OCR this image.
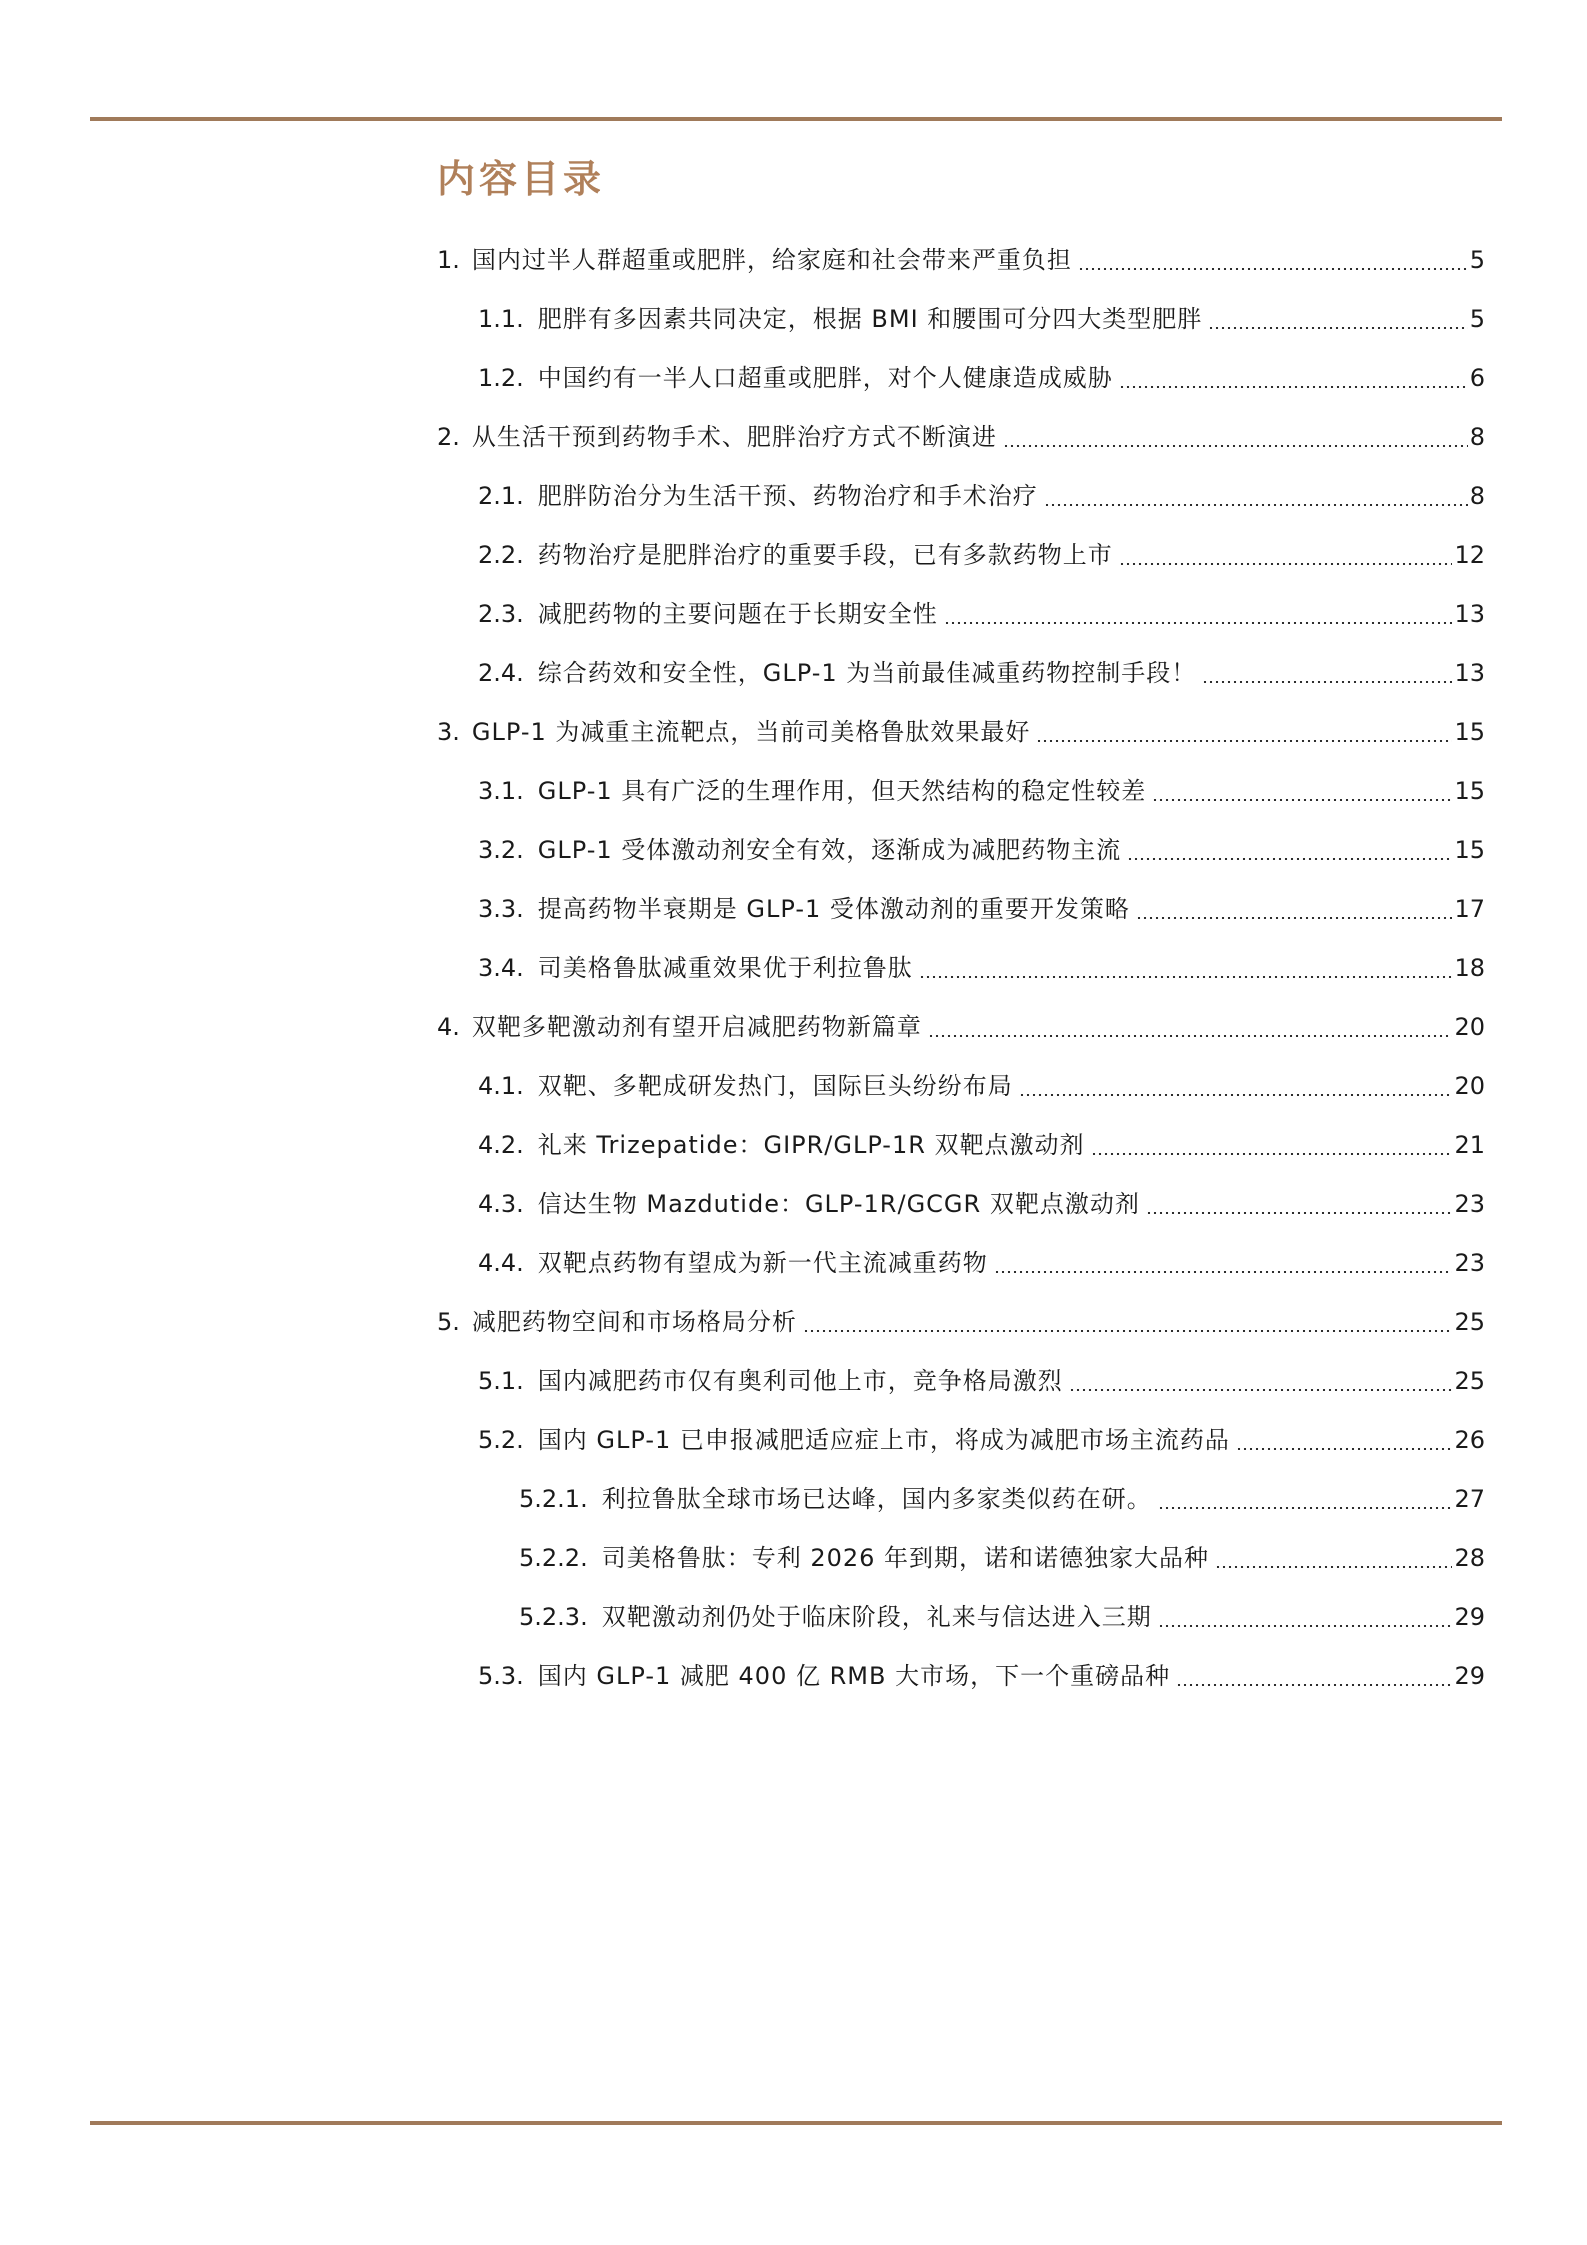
内容目录
1. 国内过半人群超重或肥胖，给家庭和社会带来严重负担	5
1.1. 肥胖有多因素共同决定，根据 BMI 和腰围可分四大类型肥胖	5
1.2. 中国约有一半人口超重或肥胖，对个人健康造成威胁	6
2. 从生活干预到药物手术、肥胖治疗方式不断演进	8
2.1. 肥胖防治分为生活干预、药物治疗和手术治疗	8
2.2. 药物治疗是肥胖治疗的重要手段，已有多款药物上市	12
2.3. 减肥药物的主要问题在于长期安全性	13
2.4. 综合药效和安全性，GLP-1 为当前最佳减重药物控制手段！	13
3. GLP-1 为减重主流靶点，当前司美格鲁肽效果最好	15
3.1. GLP-1 具有广泛的生理作用，但天然结构的稳定性较差	15
3.2. GLP-1 受体激动剂安全有效，逐渐成为减肥药物主流	15
3.3. 提高药物半衰期是 GLP-1 受体激动剂的重要开发策略	17
3.4. 司美格鲁肽减重效果优于利拉鲁肽	18
4. 双靶多靶激动剂有望开启减肥药物新篇章	20
4.1. 双靶、多靶成研发热门，国际巨头纷纷布局	20
4.2. 礼来 Trizepatide：GIPR/GLP-1R 双靶点激动剂	21
4.3. 信达生物 Mazdutide：GLP-1R/GCGR 双靶点激动剂	23
4.4. 双靶点药物有望成为新一代主流减重药物	23
5. 减肥药物空间和市场格局分析	25
5.1. 国内减肥药市仅有奥利司他上市，竞争格局激烈	25
5.2. 国内 GLP-1 已申报减肥适应症上市，将成为减肥市场主流药品	26
5.2.1. 利拉鲁肽全球市场已达峰，国内多家类似药在研。	27
5.2.2. 司美格鲁肽：专利 2026 年到期，诺和诺德独家大品种	28
5.2.3. 双靶激动剂仍处于临床阶段，礼来与信达进入三期	29
5.3. 国内 GLP-1 减肥 400 亿 RMB 大市场，下一个重磅品种	29
